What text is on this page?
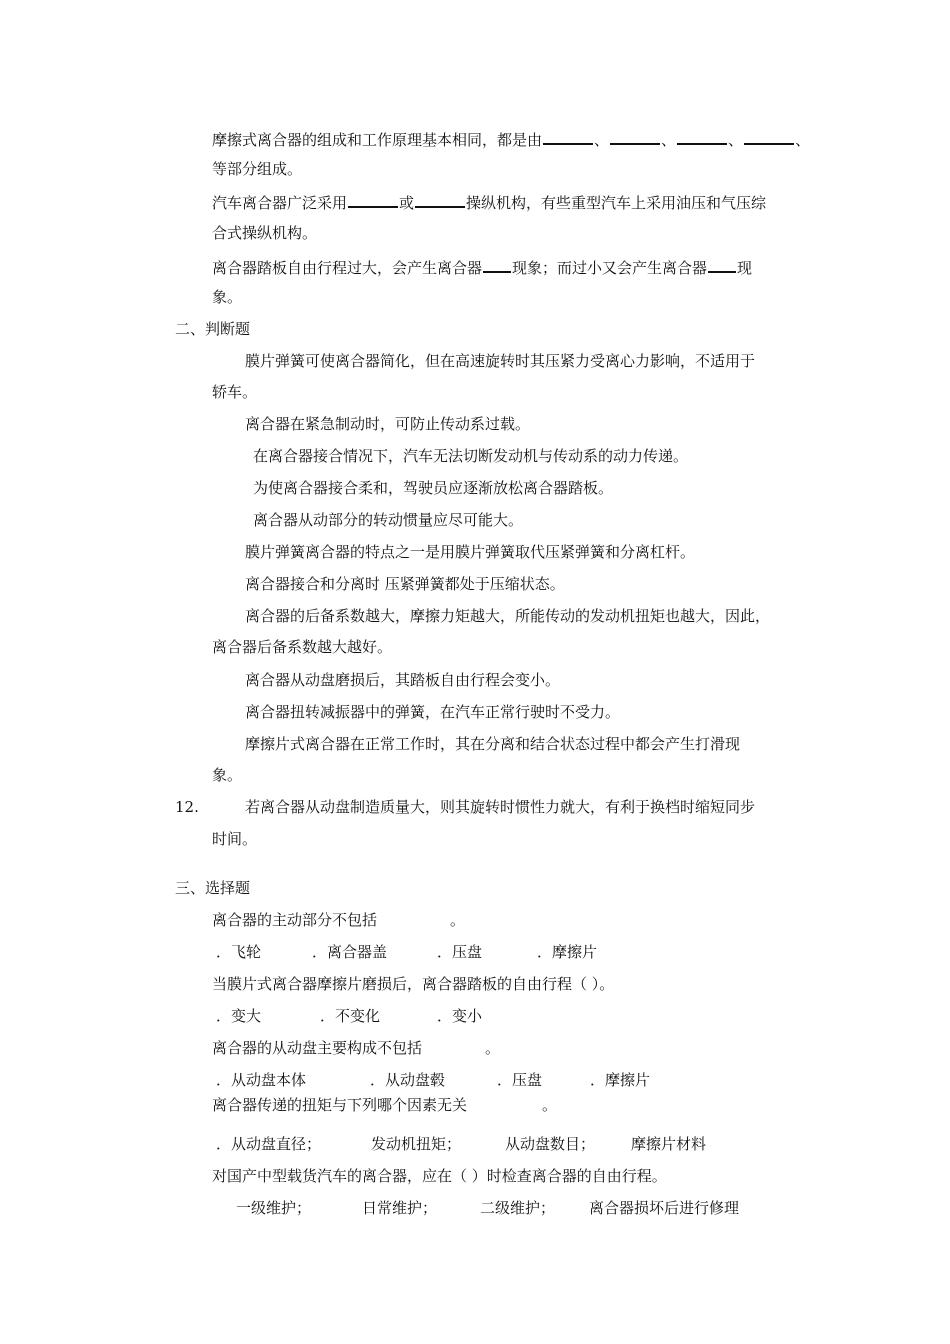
摩擦式离合器的组成和工作原理基本相同，都是由	、	、	、	、
等部分组成。
汽车离合器广泛采用	或	操纵机构，有些重型汽车上采用油压和气压综
合式操纵机构。
离合器踏板自由行程过大，会产生离合器 现象；而过小又会产生离合器 现
象。
二、判断题
膜片弹簧可使离合器简化，但在高速旋转时其压紧力受离心力影响，不适用于
轿车。
离合器在紧急制动时，可防止传动系过载。
在离合器接合情况下，汽车无法切断发动机与传动系的动力传递。
为使离合器接合柔和，驾驶员应逐渐放松离合器踏板。
离合器从动部分的转动惯量应尽可能大。
膜片弹簧离合器的特点之一是用膜片弹簧取代压紧弹簧和分离杠杆。
离合器接合和分离时 压紧弹簧都处于压缩状态。
离合器的后备系数越大，摩擦力矩越大，所能传动的发动机扭矩也越大，因此，
离合器后备系数越大越好。
离合器从动盘磨损后，其踏板自由行程会变小。
离合器扭转减振器中的弹簧，在汽车正常行驶时不受力。
摩擦片式离合器在正常工作时，其在分离和结合状态过程中都会产生打滑现
象。
12.	若离合器从动盘制造质量大，则其旋转时惯性力就大，有利于换档时缩短同步
时间。
三、选择题
离合器的主动部分不包括	。
．飞轮	．离合器盖	．压盘	．摩擦片
当膜片式离合器摩擦片磨损后，离合器踏板的自由行程（ ）。
．变大	．不变化	．变小
离合器的从动盘主要构成不包括	。
．从动盘本体	．从动盘毂	．压盘	．摩擦片
离合器传递的扭矩与下列哪个因素无关	。
．从动盘直径；	发动机扭矩；	从动盘数目； 摩擦片材料
对国产中型载货汽车的离合器，应在（ ）时检查离合器的自由行程。
一级维护；	日常维护；	二级维护； 离合器损坏后进行修理
